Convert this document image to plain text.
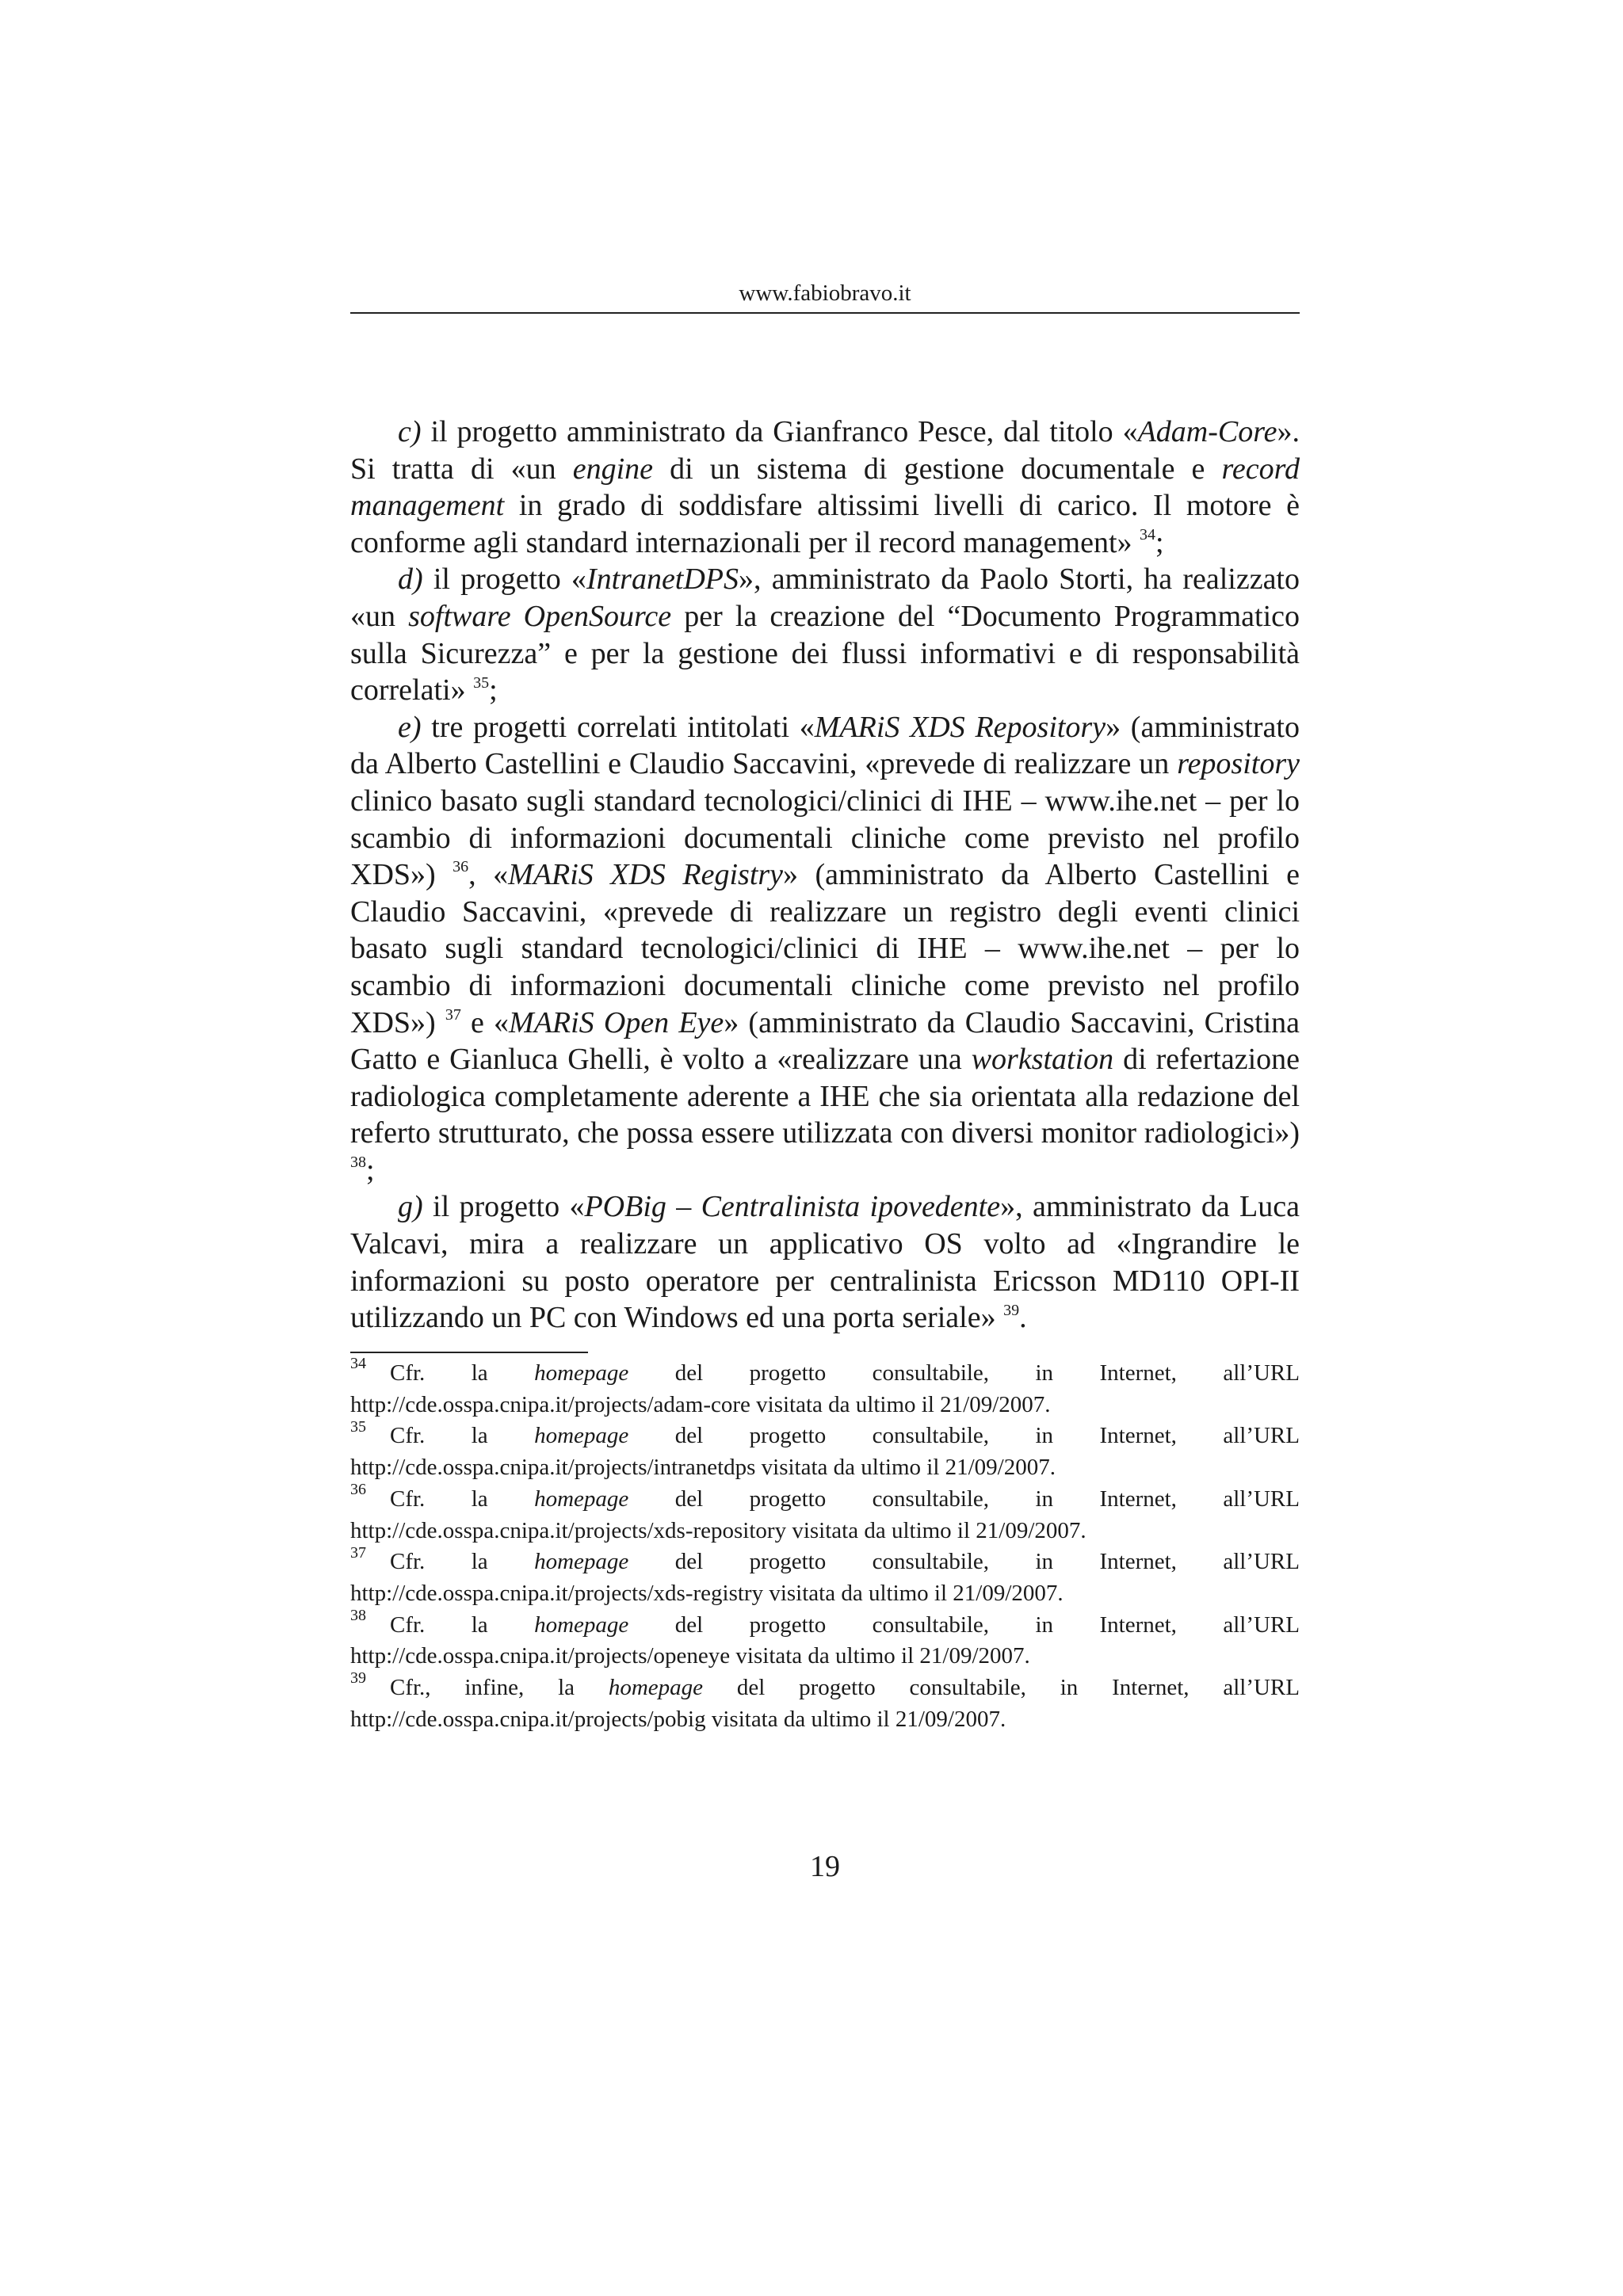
www.fabiobravo.it

c) il progetto amministrato da Gianfranco Pesce, dal titolo «Adam-Core». Si tratta di «un engine di un sistema di gestione documentale e record management in grado di soddisfare altissimi livelli di carico. Il motore è conforme agli standard internazionali per il record management» $^{34}$;

d) il progetto «IntranetDPS», amministrato da Paolo Storti, ha realizzato «un software OpenSource per la creazione del “Documento Programmatico sulla Sicurezza” e per la gestione dei flussi informativi e di responsabilità correlati» $^{35}$;

e) tre progetti correlati intitolati «MARiS XDS Repository» (amministrato da Alberto Castellini e Claudio Saccavini, «prevede di realizzare un repository clinico basato sugli standard tecnologici/clinici di IHE – www.ihe.net – per lo scambio di informazioni documentali cliniche come previsto nel profilo XDS») $^{36}$, «MARiS XDS Registry» (amministrato da Alberto Castellini e Claudio Saccavini, «prevede di realizzare un registro degli eventi clinici basato sugli standard tecnologici/clinici di IHE – www.ihe.net – per lo scambio di informazioni documentali cliniche come previsto nel profilo XDS») $^{37}$ e «MARiS Open Eye» (amministrato da Claudio Saccavini, Cristina Gatto e Gianluca Ghelli, è volto a «realizzare una workstation di refertazione radiologica completamente aderente a IHE che sia orientata alla redazione del referto strutturato, che possa essere utilizzata con diversi monitor radiologici») $^{38}$;

g) il progetto «POBig – Centralinista ipovedente», amministrato da Luca Valcavi, mira a realizzare un applicativo OS volto ad «Ingrandire le informazioni su posto operatore per centralinista Ericsson MD110 OPI-II utilizzando un PC con Windows ed una porta seriale» $^{39}$.

$^{34}$ Cfr. la homepage del progetto consultabile, in Internet, all’URL http://cde.osspa.cnipa.it/projects/adam-core visitata da ultimo il 21/09/2007.

$^{35}$ Cfr. la homepage del progetto consultabile, in Internet, all’URL http://cde.osspa.cnipa.it/projects/intranetdps visitata da ultimo il 21/09/2007.

$^{36}$ Cfr. la homepage del progetto consultabile, in Internet, all’URL http://cde.osspa.cnipa.it/projects/xds-repository visitata da ultimo il 21/09/2007.

$^{37}$ Cfr. la homepage del progetto consultabile, in Internet, all’URL http://cde.osspa.cnipa.it/projects/xds-registry visitata da ultimo il 21/09/2007.

$^{38}$ Cfr. la homepage del progetto consultabile, in Internet, all’URL http://cde.osspa.cnipa.it/projects/openeye visitata da ultimo il 21/09/2007.

$^{39}$ Cfr., infine, la homepage del progetto consultabile, in Internet, all’URL http://cde.osspa.cnipa.it/projects/pobig visitata da ultimo il 21/09/2007.

19
